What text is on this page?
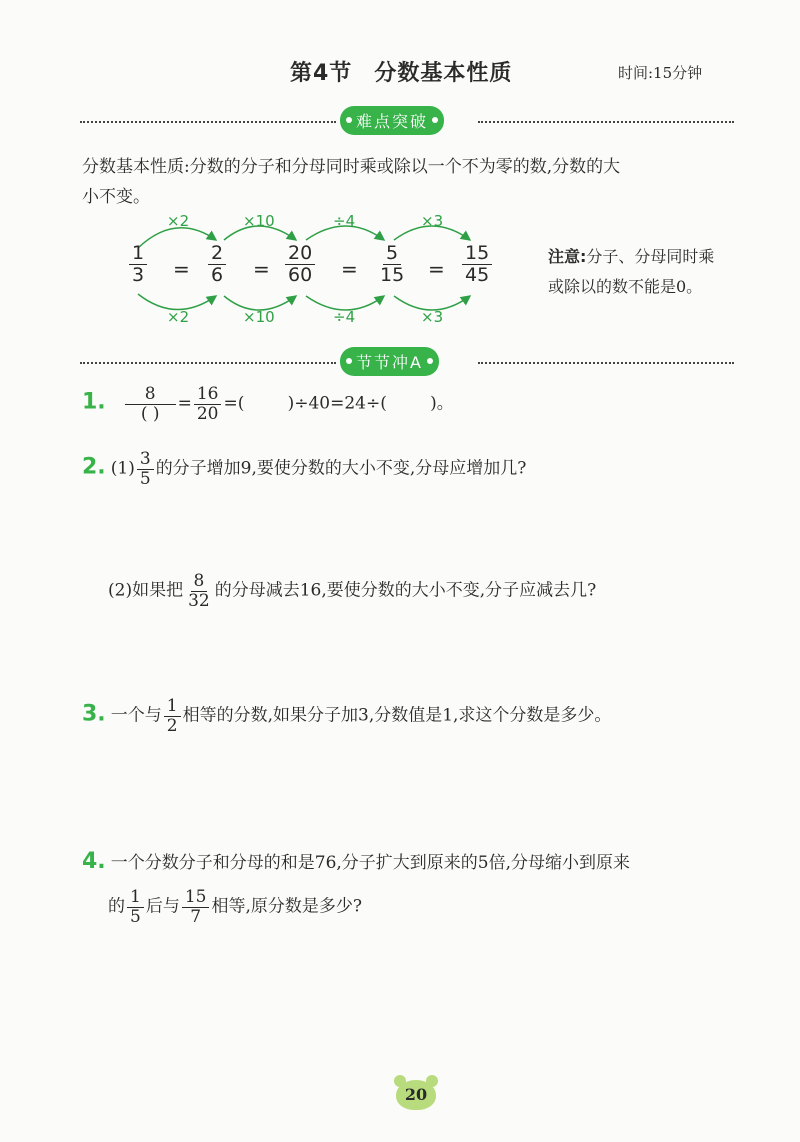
第4节 分数基本性质	时间:15分钟
难点突破
分数基本性质:分数的分子和分母同时乘或除以一个不为零的数,分数的大
小不变。
×2	×10	÷4	×3
$\frac{1}{3} = \frac{2}{6} = \frac{20}{60} = \frac{5}{15} = \frac{15}{45}$
×2	×10	÷4	×3
注意:分子、分母同时乘
或除以的数不能是0。
节节冲A
1. $\frac{8}{( )} = \frac{16}{20}$ =(        )÷40=24÷(        )。
2. $(1) \frac{3}{5}$ 的分子增加9,要使分数的大小不变,分母应增加几?
(2)如果把 $\frac{8}{32}$ 的分母减去16,要使分数的大小不变,分子应减去几?
3. 一个与 $\frac{1}{2}$ 相等的分数,如果分子加3,分数值是1,求这个分数是多少。
4. 一个分数分子和分母的和是76,分子扩大到原来的5倍,分母缩小到原来
的 $\frac{1}{5}$ 后与 $\frac{15}{7}$ 相等,原分数是多少?
20
